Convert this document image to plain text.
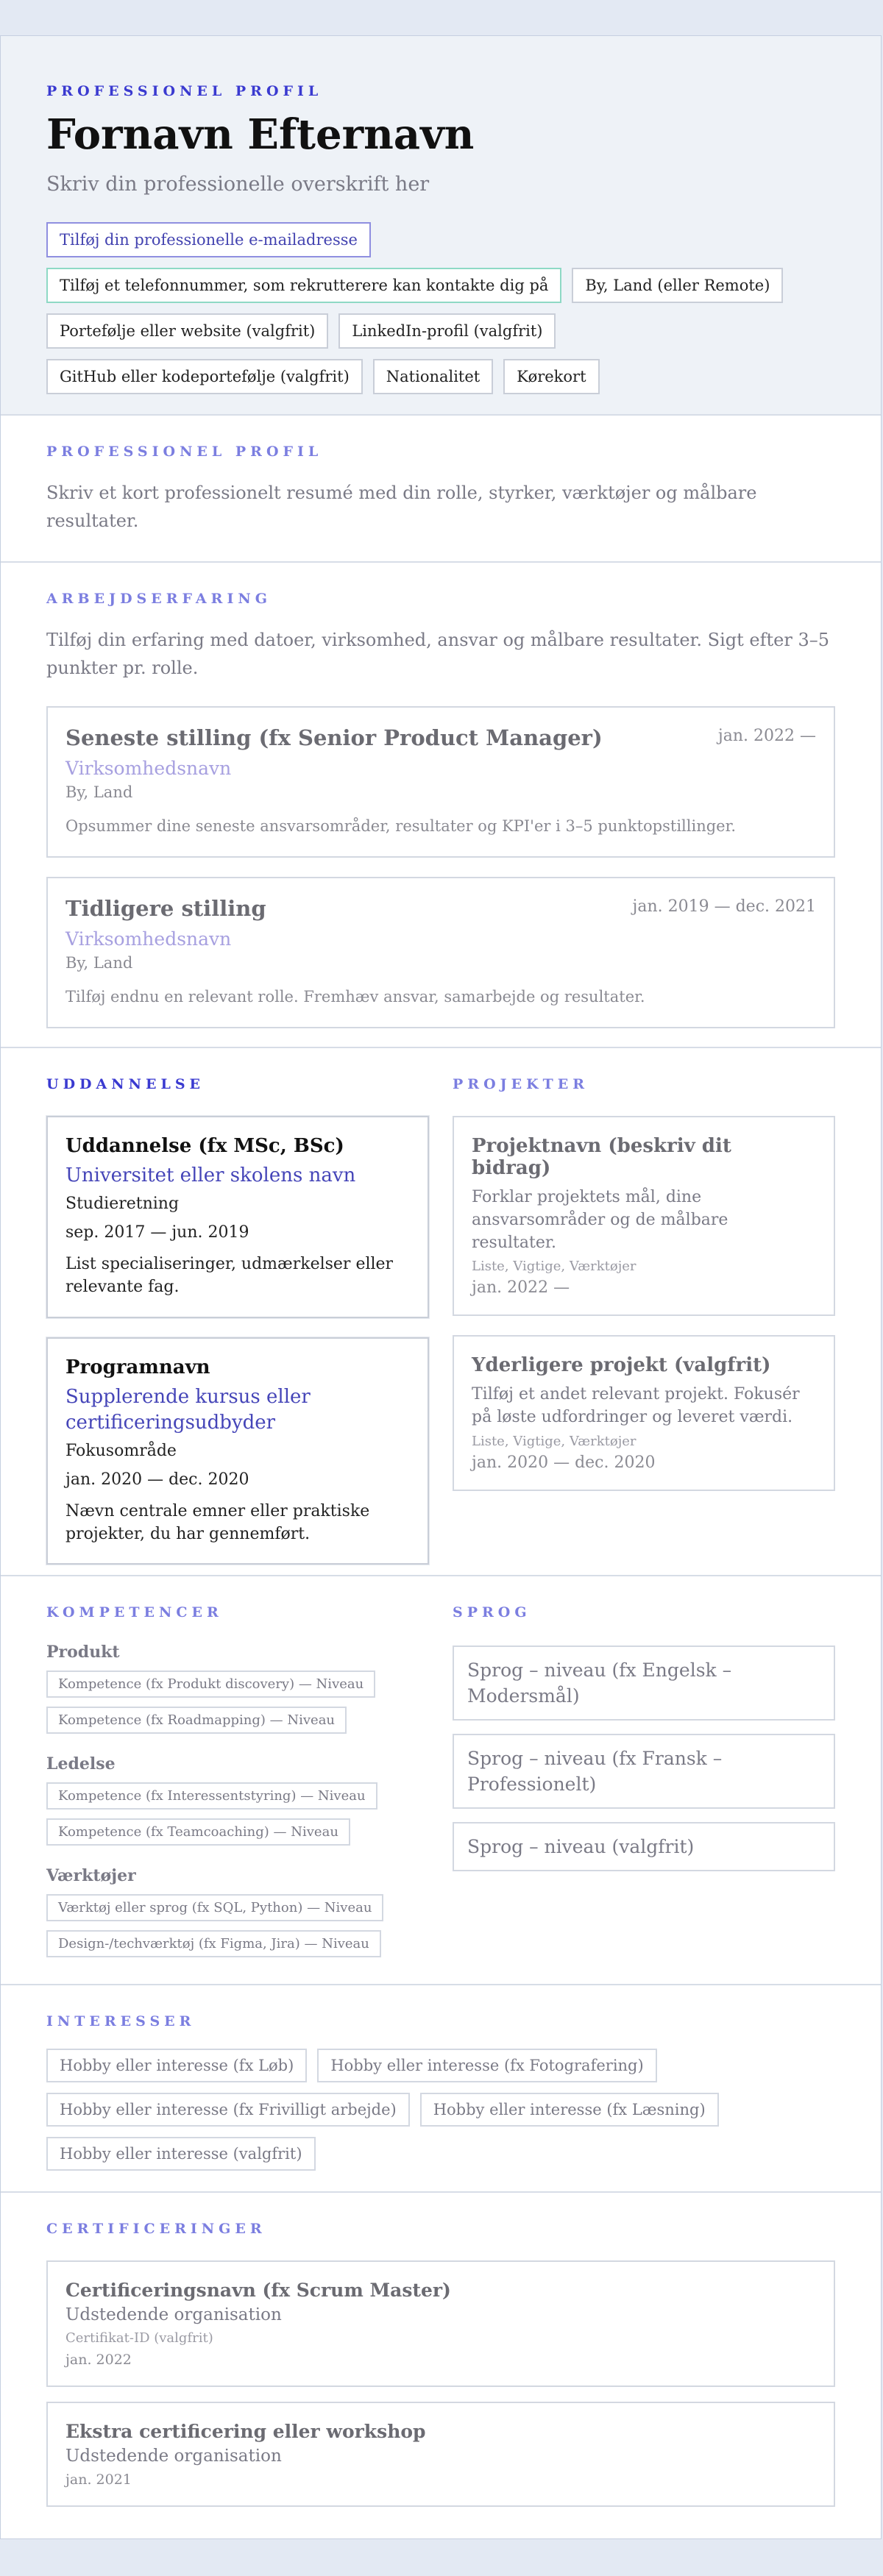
PROFESSIONEL PROFIL
Fornavn Efternavn
Skriv din professionelle overskrift her
Tilføj din professionelle e-mailadresse
Tilføj et telefonnummer, som rekrutterere kan kontakte dig på	By, Land (eller Remote)
Portefølje eller website (valgfrit)	LinkedIn-profil (valgfrit)
GitHub eller kodeportefølje (valgfrit)	Nationalitet	Kørekort
PROFESSIONEL PROFIL
Skriv et kort professionelt resumé med din rolle, styrker, værktøjer og målbare resultater.
ARBEJDSERFARING
Tilføj din erfaring med datoer, virksomhed, ansvar og målbare resultater. Sigt efter 3–5 punkter pr. rolle.
Seneste stilling (fx Senior Product Manager)	jan. 2022 —
Virksomhedsnavn
By, Land
Opsummer dine seneste ansvarsområder, resultater og KPI'er i 3–5 punktopstillinger.
Tidligere stilling	jan. 2019 — dec. 2021
Virksomhedsnavn
By, Land
Tilføj endnu en relevant rolle. Fremhæv ansvar, samarbejde og resultater.
UDDANNELSE
Uddannelse (fx MSc, BSc)
Universitet eller skolens navn
Studieretning
sep. 2017 — jun. 2019
List specialiseringer, udmærkelser eller relevante fag.
Programnavn
Supplerende kursus eller certificeringsudbyder
Fokusområde
jan. 2020 — dec. 2020
Nævn centrale emner eller praktiske projekter, du har gennemført.
PROJEKTER
Projektnavn (beskriv dit bidrag)
Forklar projektets mål, dine ansvarsområder og de målbare resultater.
Liste, Vigtige, Værktøjer
jan. 2022 —
Yderligere projekt (valgfrit)
Tilføj et andet relevant projekt. Fokusér på løste udfordringer og leveret værdi.
Liste, Vigtige, Værktøjer
jan. 2020 — dec. 2020
KOMPETENCER
Produkt
Kompetence (fx Produkt discovery) — Niveau
Kompetence (fx Roadmapping) — Niveau
Ledelse
Kompetence (fx Interessentstyring) — Niveau
Kompetence (fx Teamcoaching) — Niveau
Værktøjer
Værktøj eller sprog (fx SQL, Python) — Niveau
Design-/techværktøj (fx Figma, Jira) — Niveau
SPROG
Sprog – niveau (fx Engelsk – Modersmål)
Sprog – niveau (fx Fransk – Professionelt)
Sprog – niveau (valgfrit)
INTERESSER
Hobby eller interesse (fx Løb)	Hobby eller interesse (fx Fotografering)
Hobby eller interesse (fx Frivilligt arbejde)	Hobby eller interesse (fx Læsning)
Hobby eller interesse (valgfrit)
CERTIFICERINGER
Certificeringsnavn (fx Scrum Master)
Udstedende organisation
Certifikat-ID (valgfrit)
jan. 2022
Ekstra certificering eller workshop
Udstedende organisation
jan. 2021
